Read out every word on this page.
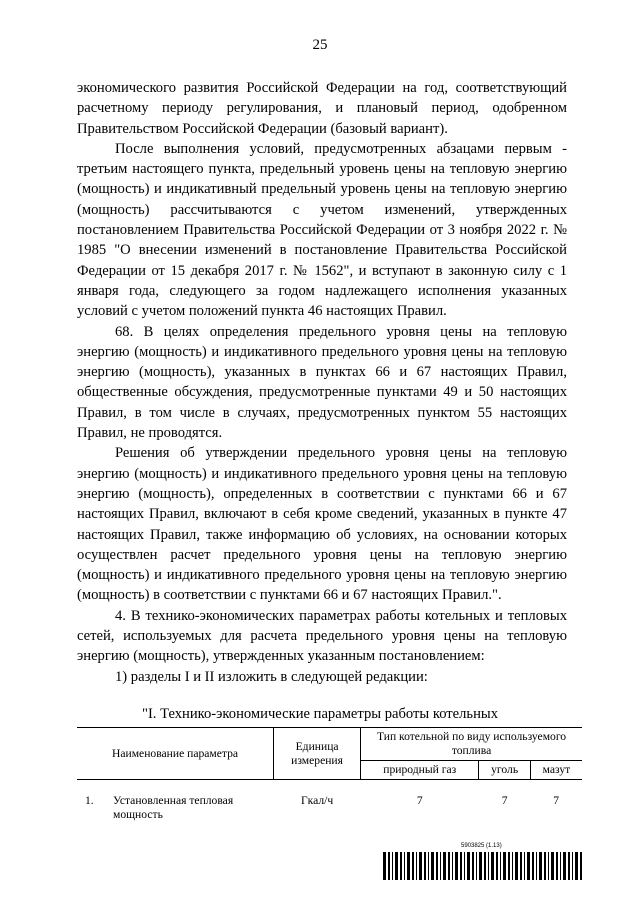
25

экономического развития Российской Федерации на год, соответствующий расчетному периоду регулирования, и плановый период, одобренном Правительством Российской Федерации (базовый вариант).

После выполнения условий, предусмотренных абзацами первым - третьим настоящего пункта, предельный уровень цены на тепловую энергию (мощность) и индикативный предельный уровень цены на тепловую энергию (мощность) рассчитываются с учетом изменений, утвержденных постановлением Правительства Российской Федерации от 3 ноября 2022 г. № 1985 "О внесении изменений в постановление Правительства Российской Федерации от 15 декабря 2017 г. № 1562", и вступают в законную силу с 1 января года, следующего за годом надлежащего исполнения указанных условий с учетом положений пункта 46 настоящих Правил.

68. В целях определения предельного уровня цены на тепловую энергию (мощность) и индикативного предельного уровня цены на тепловую энергию (мощность), указанных в пунктах 66 и 67 настоящих Правил, общественные обсуждения, предусмотренные пунктами 49 и 50 настоящих Правил, в том числе в случаях, предусмотренных пунктом 55 настоящих Правил, не проводятся.

Решения об утверждении предельного уровня цены на тепловую энергию (мощность) и индикативного предельного уровня цены на тепловую энергию (мощность), определенных в соответствии с пунктами 66 и 67 настоящих Правил, включают в себя кроме сведений, указанных в пункте 47 настоящих Правил, также информацию об условиях, на основании которых осуществлен расчет предельного уровня цены на тепловую энергию (мощность) и индикативного предельного уровня цены на тепловую энергию (мощность) в соответствии с пунктами 66 и 67 настоящих Правил.".

4. В технико-экономических параметрах работы котельных и тепловых сетей, используемых для расчета предельного уровня цены на тепловую энергию (мощность), утвержденных указанным постановлением:

1) разделы I и II изложить в следующей редакции:

"I. Технико-экономические параметры работы котельных
Наименование параметра		Единица измерения	Тип котельной по виду используемого топлива		
			природный газ	уголь	мазут
1.	Установленная тепловая мощность	Гкал/ч	7	7	7
5903825 (1.13)
